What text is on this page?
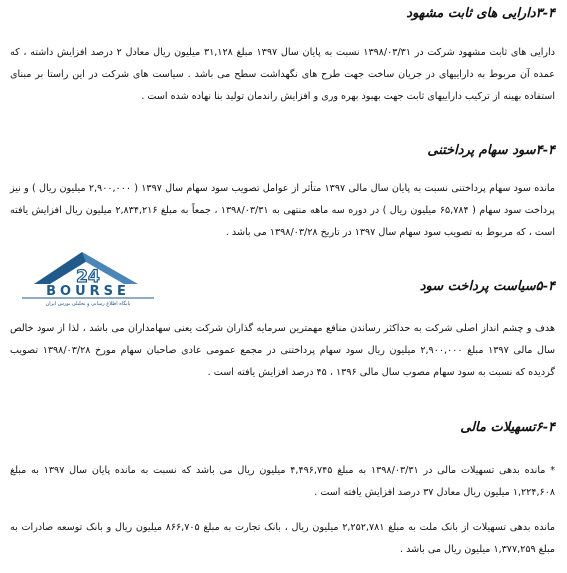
۳-۴دارایی های ثابت مشهود

دارایی های ثابت مشهود شرکت در ۱۳۹۸/۰۳/۳۱ نسبت به پایان سال ۱۳۹۷ مبلغ ۳۱,۱۲۸ میلیون ریال معادل ۲ درصد افزایش داشته ، که عمده آن مربوط به داراییهای در جریان ساخت جهت طرح های نگهداشت سطح می باشد . سیاست های شرکت در این راستا بر مبنای استفاده بهینه از ترکیب داراییهای ثابت جهت بهبود بهره وری و افزایش راندمان تولید بنا نهاده شده است .

۴-۴سود سهام پرداختنی

مانده سود سهام پرداختنی نسبت به پایان سال مالی ۱۳۹۷ متأثر از عوامل تصویب سود سهام سال ۱۳۹۷ ( ۲,۹۰۰,۰۰۰ میلیون ریال ) و نیز پرداخت سود سهام ( ۶۵,۷۸۴ میلیون ریال ) در دوره سه ماهه منتهی به ۱۳۹۸/۰۳/۳۱ ، جمعاً به مبلغ ۲,۸۳۴,۲۱۶ میلیون ریال افزایش یافته است ، که مربوط به تصویب سود سهام سال ۱۳۹۷ در تاریخ ۱۳۹۸/۰۳/۲۸ می باشد .

BOURSE
24
پایگاه اطلاع رسانی و تحلیلی بورس ایران
۵-۴سیاست پرداخت سود

هدف و چشم انداز اصلی شرکت به حداکثر رساندن منافع مهمترین سرمایه گذاران شرکت یعنی سهامداران می باشد ، لذا از سود خالص سال مالی ۱۳۹۷ مبلغ ۲,۹۰۰,۰۰۰ میلیون ریال سود سهام پرداختنی در مجمع عمومی عادی صاحبان سهام مورخ ۱۳۹۸/۰۳/۲۸ تصویب گردیده که نسبت به سود سهام مصوب سال مالی ۱۳۹۶ ، ۴۵ درصد افزایش یافته است .

۶-۴تسهیلات مالی

* مانده بدهی تسهیلات مالی در ۱۳۹۸/۰۳/۳۱ به مبلغ ۴,۴۹۶,۷۴۵ میلیون ریال می باشد که نسبت به مانده پایان سال ۱۳۹۷ به مبلغ ۱,۲۲۴,۶۰۸ میلیون ریال معادل ۳۷ درصد افزایش یافته است .

مانده بدهی تسهیلات از بانک ملت به مبلغ ۲,۲۵۲,۷۸۱ میلیون ریال ، بانک تجارت به مبلغ ۸۶۶,۷۰۵ میلیون ریال و بانک توسعه صادرات به مبلغ ۱,۳۷۷,۲۵۹ میلیون ریال می باشد .
